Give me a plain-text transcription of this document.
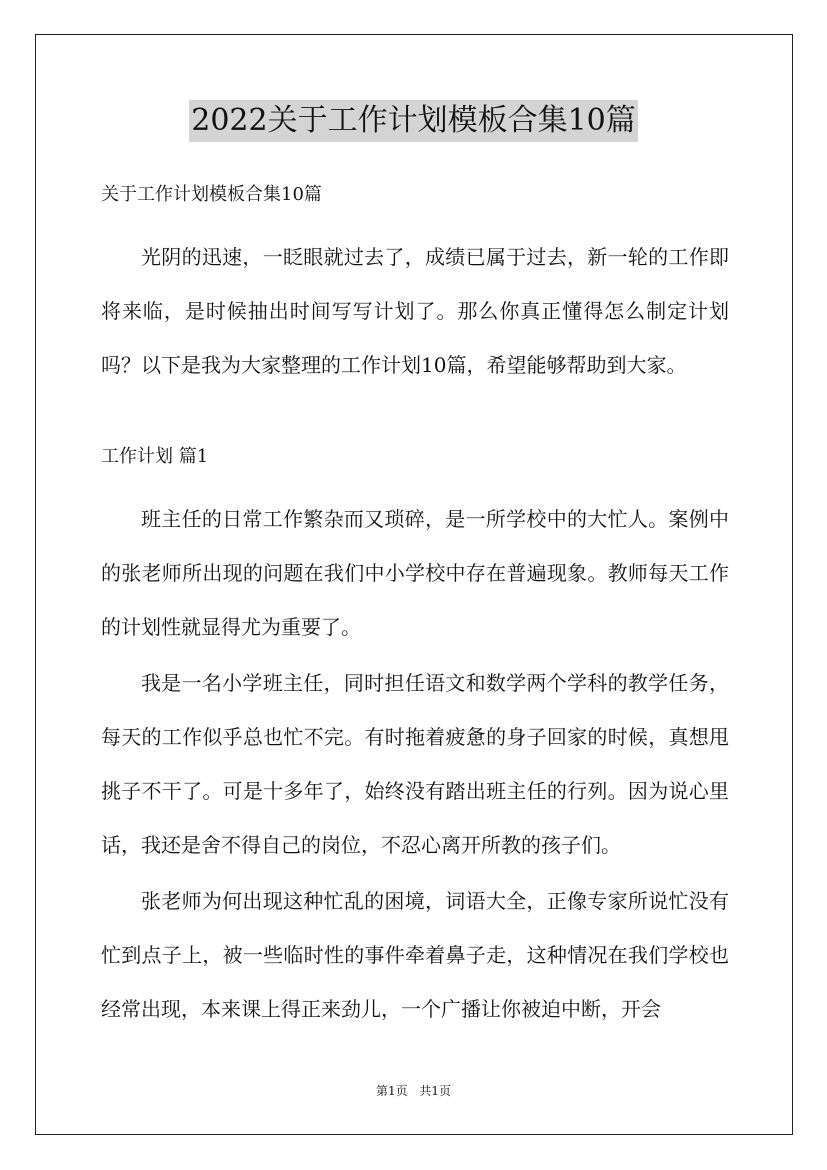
2022关于工作计划模板合集10篇

关于工作计划模板合集10篇

光阴的迅速，一眨眼就过去了，成绩已属于过去，新一轮的工作即将来临，是时候抽出时间写写计划了。那么你真正懂得怎么制定计划吗？以下是我为大家整理的工作计划10篇，希望能够帮助到大家。

工作计划 篇1

班主任的日常工作繁杂而又琐碎，是一所学校中的大忙人。案例中的张老师所出现的问题在我们中小学校中存在普遍现象。教师每天工作的计划性就显得尤为重要了。

我是一名小学班主任，同时担任语文和数学两个学科的教学任务，每天的工作似乎总也忙不完。有时拖着疲惫的身子回家的时候，真想甩挑子不干了。可是十多年了，始终没有踏出班主任的行列。因为说心里话，我还是舍不得自己的岗位，不忍心离开所教的孩子们。

张老师为何出现这种忙乱的困境，词语大全，正像专家所说忙没有忙到点子上，被一些临时性的事件牵着鼻子走，这种情况在我们学校也经常出现，本来课上得正来劲儿，一个广播让你被迫中断，开会

第1页 共1页
